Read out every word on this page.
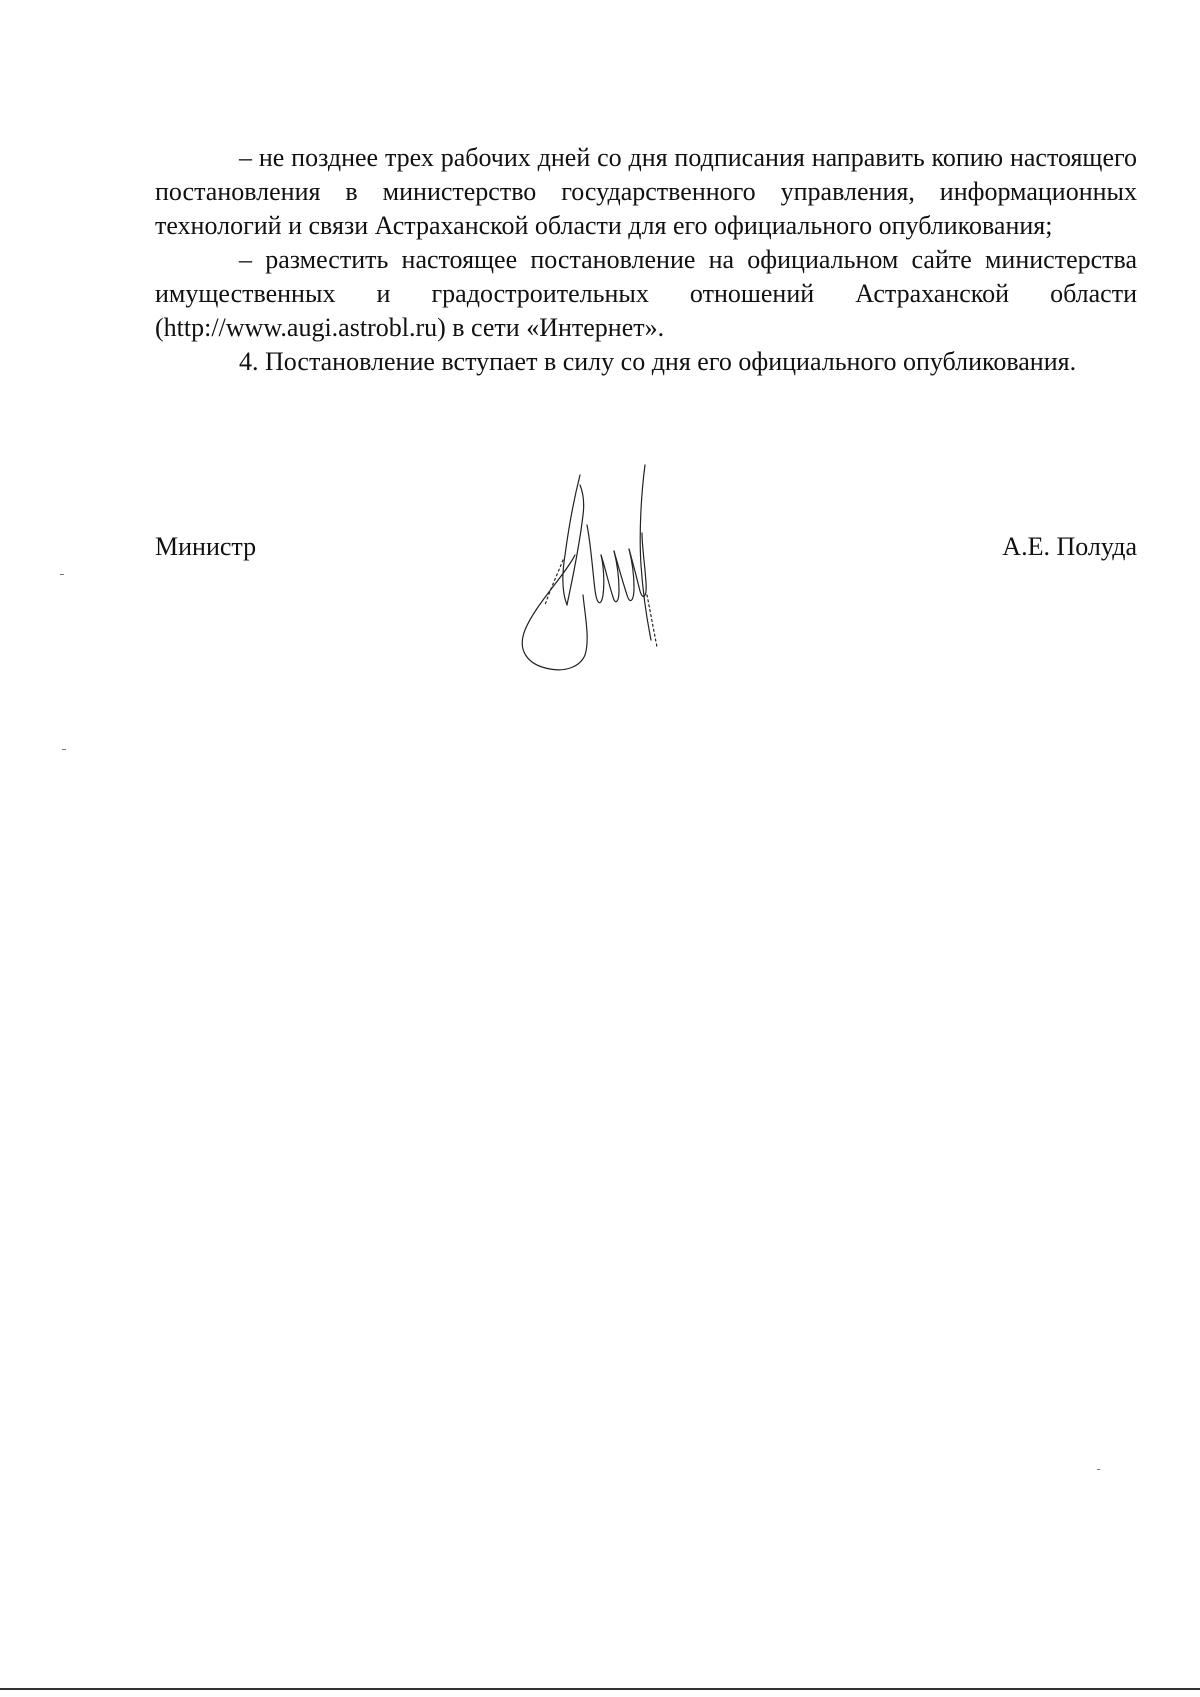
– не позднее трех рабочих дней со дня подписания направить копию настоящего постановления в министерство государственного управления, информационных технологий и связи Астраханской области для его официального опубликования;

– разместить настоящее постановление на официальном сайте министерства имущественных и градостроительных отношений Астраханской области (http://www.augi.astrobl.ru) в сети «Интернет».

4. Постановление вступает в силу со дня его официального опубликования.

Министр	А.Е. Полуда
